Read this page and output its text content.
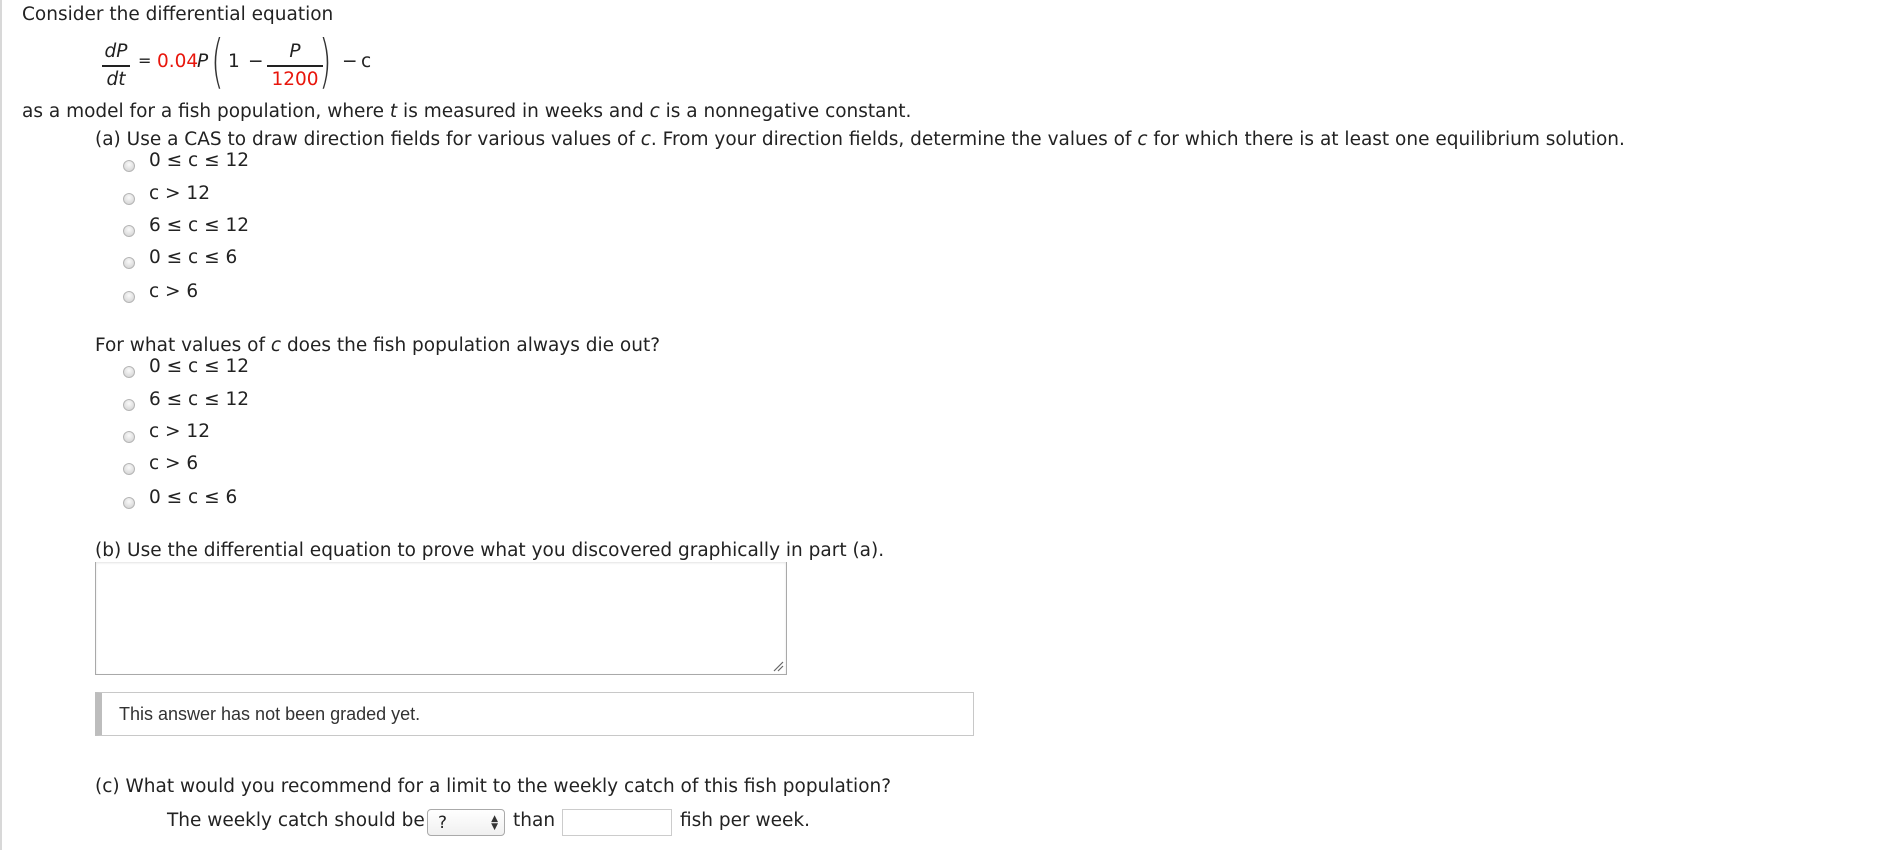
Consider the differential equation
dP
dt
= 0.04
P ( 1 −	P
1200 ) − c
as a model for a fish population, where t is measured in weeks and c is a nonnegative constant.
(a) Use a CAS to draw direction fields for various values of c. From your direction fields, determine the values of c for which there is at least one equilibrium solution.
0 ≤ c ≤ 12
c > 12
6 ≤ c ≤ 12
0 ≤ c ≤ 6
c > 6
For what values of c does the fish population always die out?
0 ≤ c ≤ 12
6 ≤ c ≤ 12
c > 12
c > 6
0 ≤ c ≤ 6
(b) Use the differential equation to prove what you discovered graphically in part (a).
This answer has not been graded yet.
(c) What would you recommend for a limit to the weekly catch of this fish population?
The weekly catch should be ?	▲
▼ than	fish per week.
